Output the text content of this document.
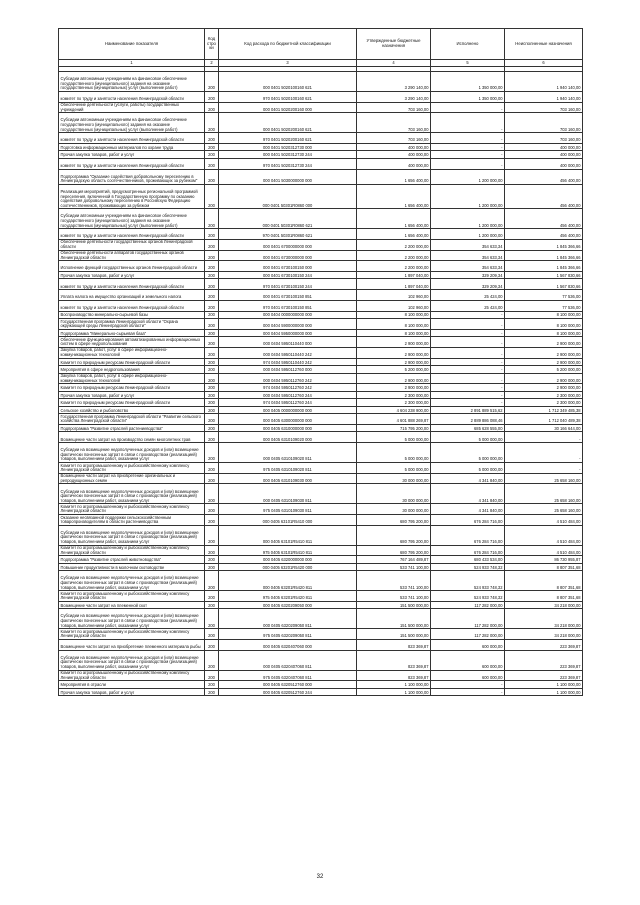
Наименование показателя	Код стро ки	Код расхода по бюджетной классификации	Утвержденные бюджетные назначения	Исполнено	Неисполненные назначения
1	2	3	4	5	6

Субсидии автономным учреждениям на финансовое обеспечение государственного (муниципального) задания на оказание государственных (муниципальных) услуг (выполнение работ)	200	000 0401 5020100160 621	3 290 140,00	1 350 000,00	1 940 140,00
комитет по труду и занятости населения Ленинградской области	200	970 0401 5020100160 621	3 290 140,00	1 350 000,00	1 940 140,00
Обеспечение деятельности (услуги, работы) государственных учреждений	200	000 0401 5020200160 000	703 160,00	-	703 160,00
Субсидии автономным учреждениям на финансовое обеспечение государственного (муниципального) задания на оказание государственных (муниципальных) услуг (выполнение работ)	200	000 0401 5020200160 621	703 160,00	-	703 160,00
комитет по труду и занятости населения Ленинградской области	200	970 0401 5020200160 621	703 160,00	-	703 160,00
Подготовка информационных материалов по охране труда	200	000 0401 5020312730 000	400 000,00	-	400 000,00
Прочая закупка товаров, работ и услуг	200	000 0401 5020312730 244	400 000,00	-	400 000,00
комитет по труду и занятости населения Ленинградской области	200	970 0401 5020312730 244	400 000,00	-	400 000,00
Подпрограмма "Оказание содействия добровольному переселению в Ленинградскую область соотечественников, проживающих за рубежом"	200	000 0401 5030000000 000	1 656 400,00	1 200 000,00	456 400,00
Реализация мероприятий, предусмотренных региональной программой переселения, включенной в Государственную программу по оказанию содействия добровольному переселению в Российскую Федерацию соотечественников, проживающих за рубежом	200	000 0401 50301R0860 000	1 656 400,00	1 200 000,00	456 400,00
Субсидии автономным учреждениям на финансовое обеспечение государственного (муниципального) задания на оказание государственных (муниципальных) услуг (выполнение работ)	200	000 0401 50301R0860 621	1 656 400,00	1 200 000,00	456 400,00
комитет по труду и занятости населения Ленинградской области	200	970 0401 50301R0860 621	1 656 400,00	1 200 000,00	456 400,00
Обеспечение деятельности государственных органов Ленинградской области	200	000 0401 6700000000 000	2 200 000,00	354 633,34	1 845 366,66
Обеспечение деятельности аппаратов государственных органов Ленинградской области	200	000 0401 6730000000 000	2 200 000,00	354 633,34	1 845 366,66
Исполнение функций государственных органов Ленинградской области	200	000 0401 6730100150 000	2 200 000,00	354 633,34	1 845 366,66
Прочая закупка товаров, работ и услуг	200	000 0401 6730100150 244	1 897 040,00	329 209,34	1 567 830,66
комитет по труду и занятости населения Ленинградской области	200	970 0401 6730100150 244	1 897 040,00	329 209,34	1 567 830,66
Уплата налога на имущество организаций и земельного налога	200	000 0401 6730100150 851	102 960,00	25 424,00	77 536,00
комитет по труду и занятости населения Ленинградской области	200	970 0401 6730100150 851	102 960,00	25 424,00	77 536,00
Воспроизводство минерально-сырьевой базы	200	000 0404 0000000000 000	8 100 000,00	-	8 100 000,00
Государственная программа Ленинградской области "Охрана окружающей среды Ленинградской области"	200	000 0404 5900000000 000	8 100 000,00	-	8 100 000,00
Подпрограмма "Минерально-сырьевая база"	200	000 0404 5950000000 000	8 100 000,00	-	8 100 000,00
Обеспечение функционирования автоматизированных информационных систем в сфере недропользования	200	000 0404 5950110440 000	2 900 000,00	-	2 900 000,00
Закупка товаров, работ, услуг в сфере информационно-коммуникационных технологий	200	000 0404 5950110440 242	2 900 000,00	-	2 900 000,00
Комитет по природным ресурсам Ленинградской области	200	974 0404 5950110440 242	2 900 000,00	-	2 900 000,00
Мероприятия в сфере недропользования	200	000 0404 5950112760 000	5 200 000,00	-	5 200 000,00
Закупка товаров, работ, услуг в сфере информационно-коммуникационных технологий	200	000 0404 5950112760 242	2 900 000,00	-	2 900 000,00
Комитет по природным ресурсам Ленинградской области	200	974 0404 5950112760 242	2 900 000,00	-	2 900 000,00
Прочая закупка товаров, работ и услуг	200	000 0404 5950112760 244	2 300 000,00	-	2 300 000,00
Комитет по природным ресурсам Ленинградской области	200	974 0404 5950112760 244	2 300 000,00	-	2 300 000,00
Сельское хозяйство и рыболовство	200	000 0405 0000000000 000	4 604 238 900,00	2 891 889 515,62	1 712 349 485,38
Государственная программа Ленинградской области "Развитие сельского хозяйства Ленинградской области"	200	000 0405 6300000000 000	4 601 888 269,87	2 889 886 088,46	1 712 040 489,38
Подпрограмма "Развитие отраслей растениеводства"	200	000 0405 6310000000 000	715 795 200,00	685 628 555,00	30 166 644,00
Возмещение части затрат на производство семян многолетних трав	200	000 0405 6310109020 000	5 000 000,00	5 000 000,00	-
Субсидии на возмещение недополученных доходов и (или) возмещение фактически понесенных затрат в связи с производством (реализацией) товаров, выполнением работ, оказанием услуг	200	000 0405 6310109020 811	5 000 000,00	5 000 000,00	-
Комитет по агропромышленному и рыбохозяйственному комплексу Ленинградской области	200	975 0405 6310109020 811	5 000 000,00	5 000 000,00	-
Возмещение части затрат на приобретение оригинальных и репродукционных семян	200	000 0405 6310109030 000	30 000 000,00	4 341 840,00	25 658 160,00
Субсидии на возмещение недополученных доходов и (или) возмещение фактически понесенных затрат в связи с производством (реализацией) товаров, выполнением работ, оказанием услуг	200	000 0405 6310109030 811	30 000 000,00	4 341 840,00	25 658 160,00
Комитет по агропромышленному и рыбохозяйственному комплексу Ленинградской области	200	975 0405 6310109030 811	30 000 000,00	4 341 840,00	25 658 160,00
Оказание несвязанной поддержки сельскохозяйственным товаропроизводителям в области растениеводства	200	000 0405 63101R5410 000	680 795 200,00	676 284 716,00	4 510 484,00
Субсидии на возмещение недополученных доходов и (или) возмещение фактически понесенных затрат в связи с производством (реализацией) товаров, выполнением работ, оказанием услуг	200	000 0405 63101R5410 811	680 795 200,00	676 284 716,00	4 510 484,00
Комитет по агропромышленному и рыбохозяйственному комплексу Ленинградской области	200	975 0405 63101R5410 811	680 795 200,00	676 284 716,00	4 510 484,00
Подпрограмма "Развитие отраслей животноводства"	200	000 0405 6320000000 000	767 164 489,87	680 433 534,00	86 730 955,87
Повышение продуктивности в молочном скотоводстве	200	000 0405 63201R5420 000	533 741 100,00	524 933 748,32	8 807 351,68
Субсидии на возмещение недополученных доходов и (или) возмещение фактически понесенных затрат в связи с производством (реализацией) товаров, выполнением работ, оказанием услуг	200	000 0405 63201R5420 811	533 741 100,00	524 933 748,32	8 807 351,68
Комитет по агропромышленному и рыбохозяйственному комплексу Ленинградской области	200	975 0405 63201R5420 811	533 741 100,00	524 933 748,32	8 807 351,68
Возмещение части затрат на племенной скот	200	000 0405 6320209050 000	151 500 000,00	117 282 000,00	34 218 000,00
Субсидии на возмещение недополученных доходов и (или) возмещение фактически понесенных затрат в связи с производством (реализацией) товаров, выполнением работ, оказанием услуг	200	000 0405 6320209050 811	151 500 000,00	117 282 000,00	34 218 000,00
Комитет по агропромышленному и рыбохозяйственному комплексу Ленинградской области	200	975 0405 6320209050 811	151 500 000,00	117 282 000,00	34 218 000,00
Возмещение части затрат на приобретение племенного материала рыбы	200	000 0405 6320407060 000	823 369,87	600 000,00	223 369,87
Субсидии на возмещение недополученных доходов и (или) возмещение фактически понесенных затрат в связи с производством (реализацией) товаров, выполнением работ, оказанием услуг	200	000 0405 6320407060 811	823 369,87	600 000,00	223 369,87
Комитет по агропромышленному и рыбохозяйственному комплексу Ленинградской области	200	975 0405 6320407060 811	823 369,87	600 000,00	223 369,87
Мероприятия в отрасли	200	000 0405 6320512760 000	1 100 000,00	-	1 100 000,00
Прочая закупка товаров, работ и услуг	200	000 0405 6320512760 244	1 100 000,00	-	1 100 000,00
32
